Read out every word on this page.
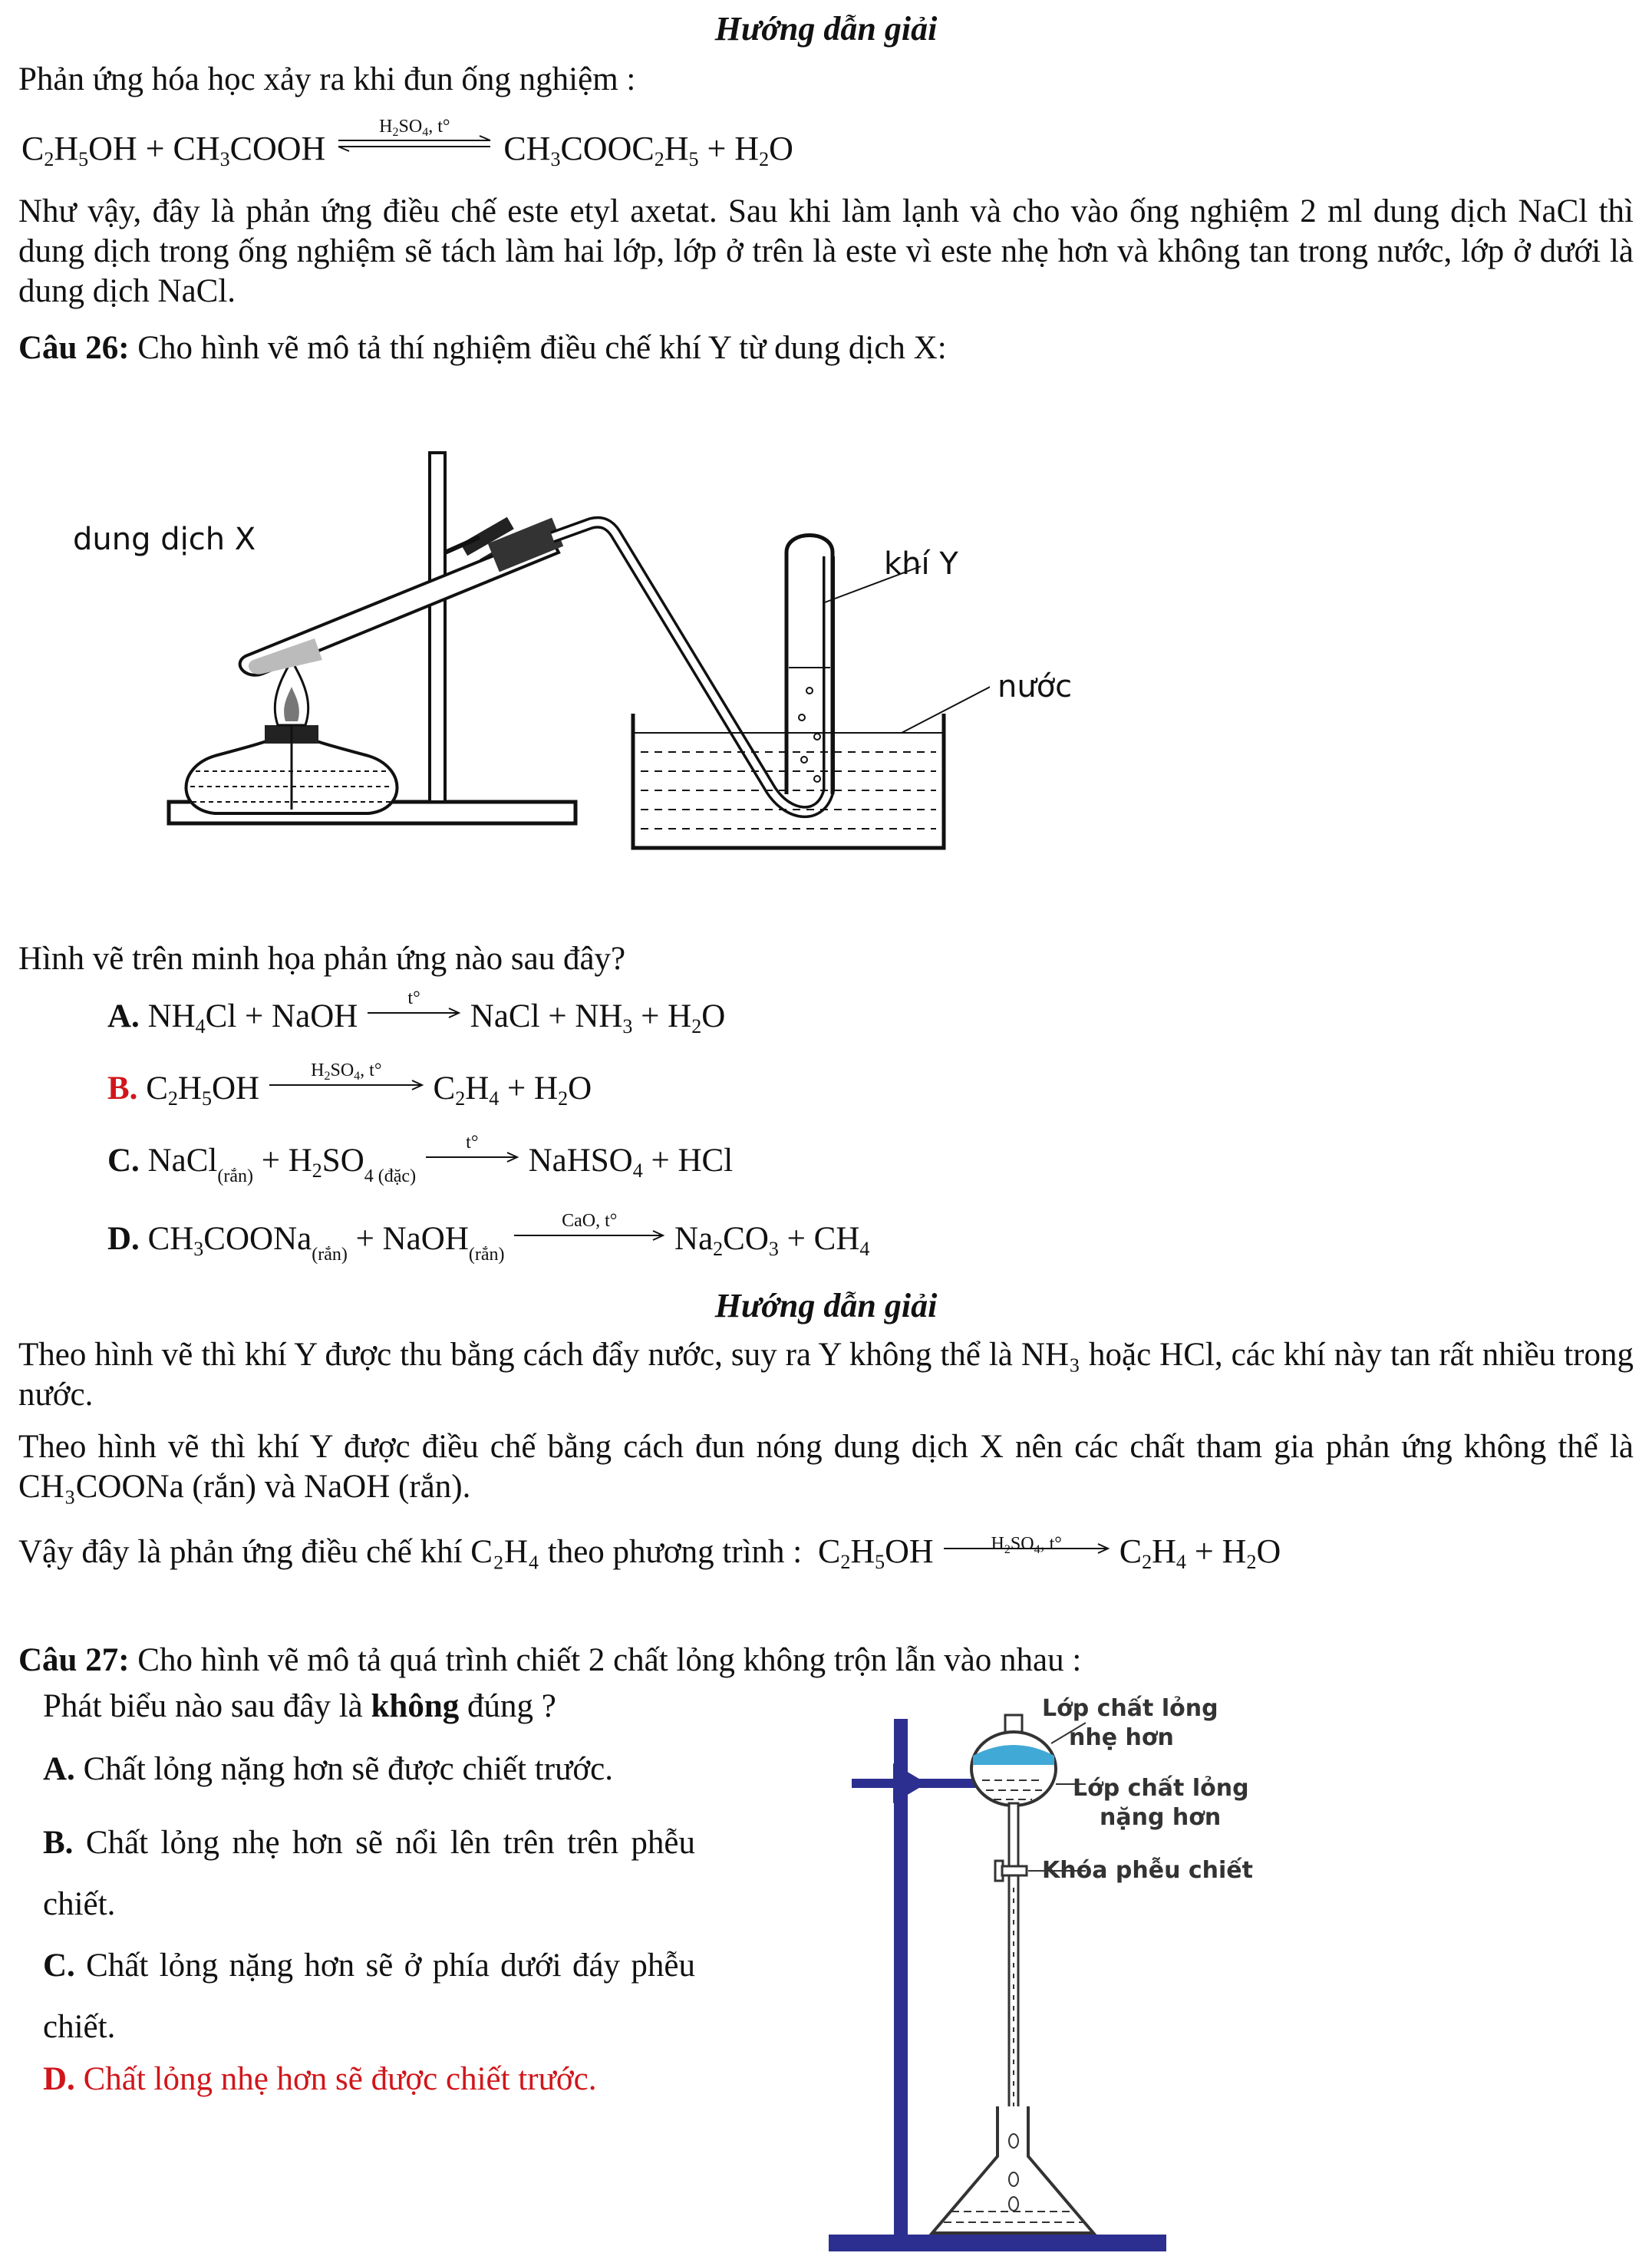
Hướng dẫn giải
Phản ứng hóa học xảy ra khi đun ống nghiệm :
$C_2H_5OH$ + $CH_3COOH$
$H_2SO_4$, t°
$CH_3COOC_2H_5 + H_2O$
Như vậy, đây là phản ứng điều chế este etyl axetat. Sau khi làm lạnh và cho vào ống nghiệm 2 ml dung dịch NaCl thì dung dịch trong ống nghiệm sẽ tách làm hai lớp, lớp ở trên là este vì este nhẹ hơn và không tan trong nước, lớp ở dưới là dung dịch NaCl.
Câu 26: Cho hình vẽ mô tả thí nghiệm điều chế khí Y từ dung dịch X:
dung dịch X
khí Y
nước
Hình vẽ trên minh họa phản ứng nào sau đây?
A. $NH_4Cl$ + NaOH	t°	NaCl + $NH_3 + H_2O$
B. $C_2H_5OH$	$H_2SO_4$, t°	$C_2H_4 + H_2O$
C. NaCl$_{(rắn)}$ + $H_2SO_{4 (đặc)}$
t°	NaHSO$_4$ + HCl
D. $CH_3COONa_{(rắn)}$ + NaOH$_{(rắn)}$
CaO, t°	$Na_2CO_3 + CH_4$
Hướng dẫn giải
Theo hình vẽ thì khí Y được thu bằng cách đẩy nước, suy ra Y không thể là NH₃ hoặc HCl, các khí này tan rất nhiều trong nước.
Theo hình vẽ thì khí Y được điều chế bằng cách đun nóng dung dịch X nên các chất tham gia phản ứng không thể là CH₃COONa (rắn) và NaOH (rắn).
Vậy đây là phản ứng điều chế khí C₂H₄ theo phương trình : $C_2H_5OH$	$H_2SO_4$, t°	$C_2H_4 + H_2O$
Câu 27: Cho hình vẽ mô tả quá trình chiết 2 chất lỏng không trộn lẫn vào nhau :
Phát biểu nào sau đây là không đúng ?
A. Chất lỏng nặng hơn sẽ được chiết trước.
B. Chất lỏng nhẹ hơn sẽ nổi lên trên trên phễu chiết.
C. Chất lỏng nặng hơn sẽ ở phía dưới đáy phễu chiết.
D. Chất lỏng nhẹ hơn sẽ được chiết trước.
Lớp chất lỏng
nhẹ hơn
Lớp chất lỏng
nặng hơn
Khóa phễu chiết
